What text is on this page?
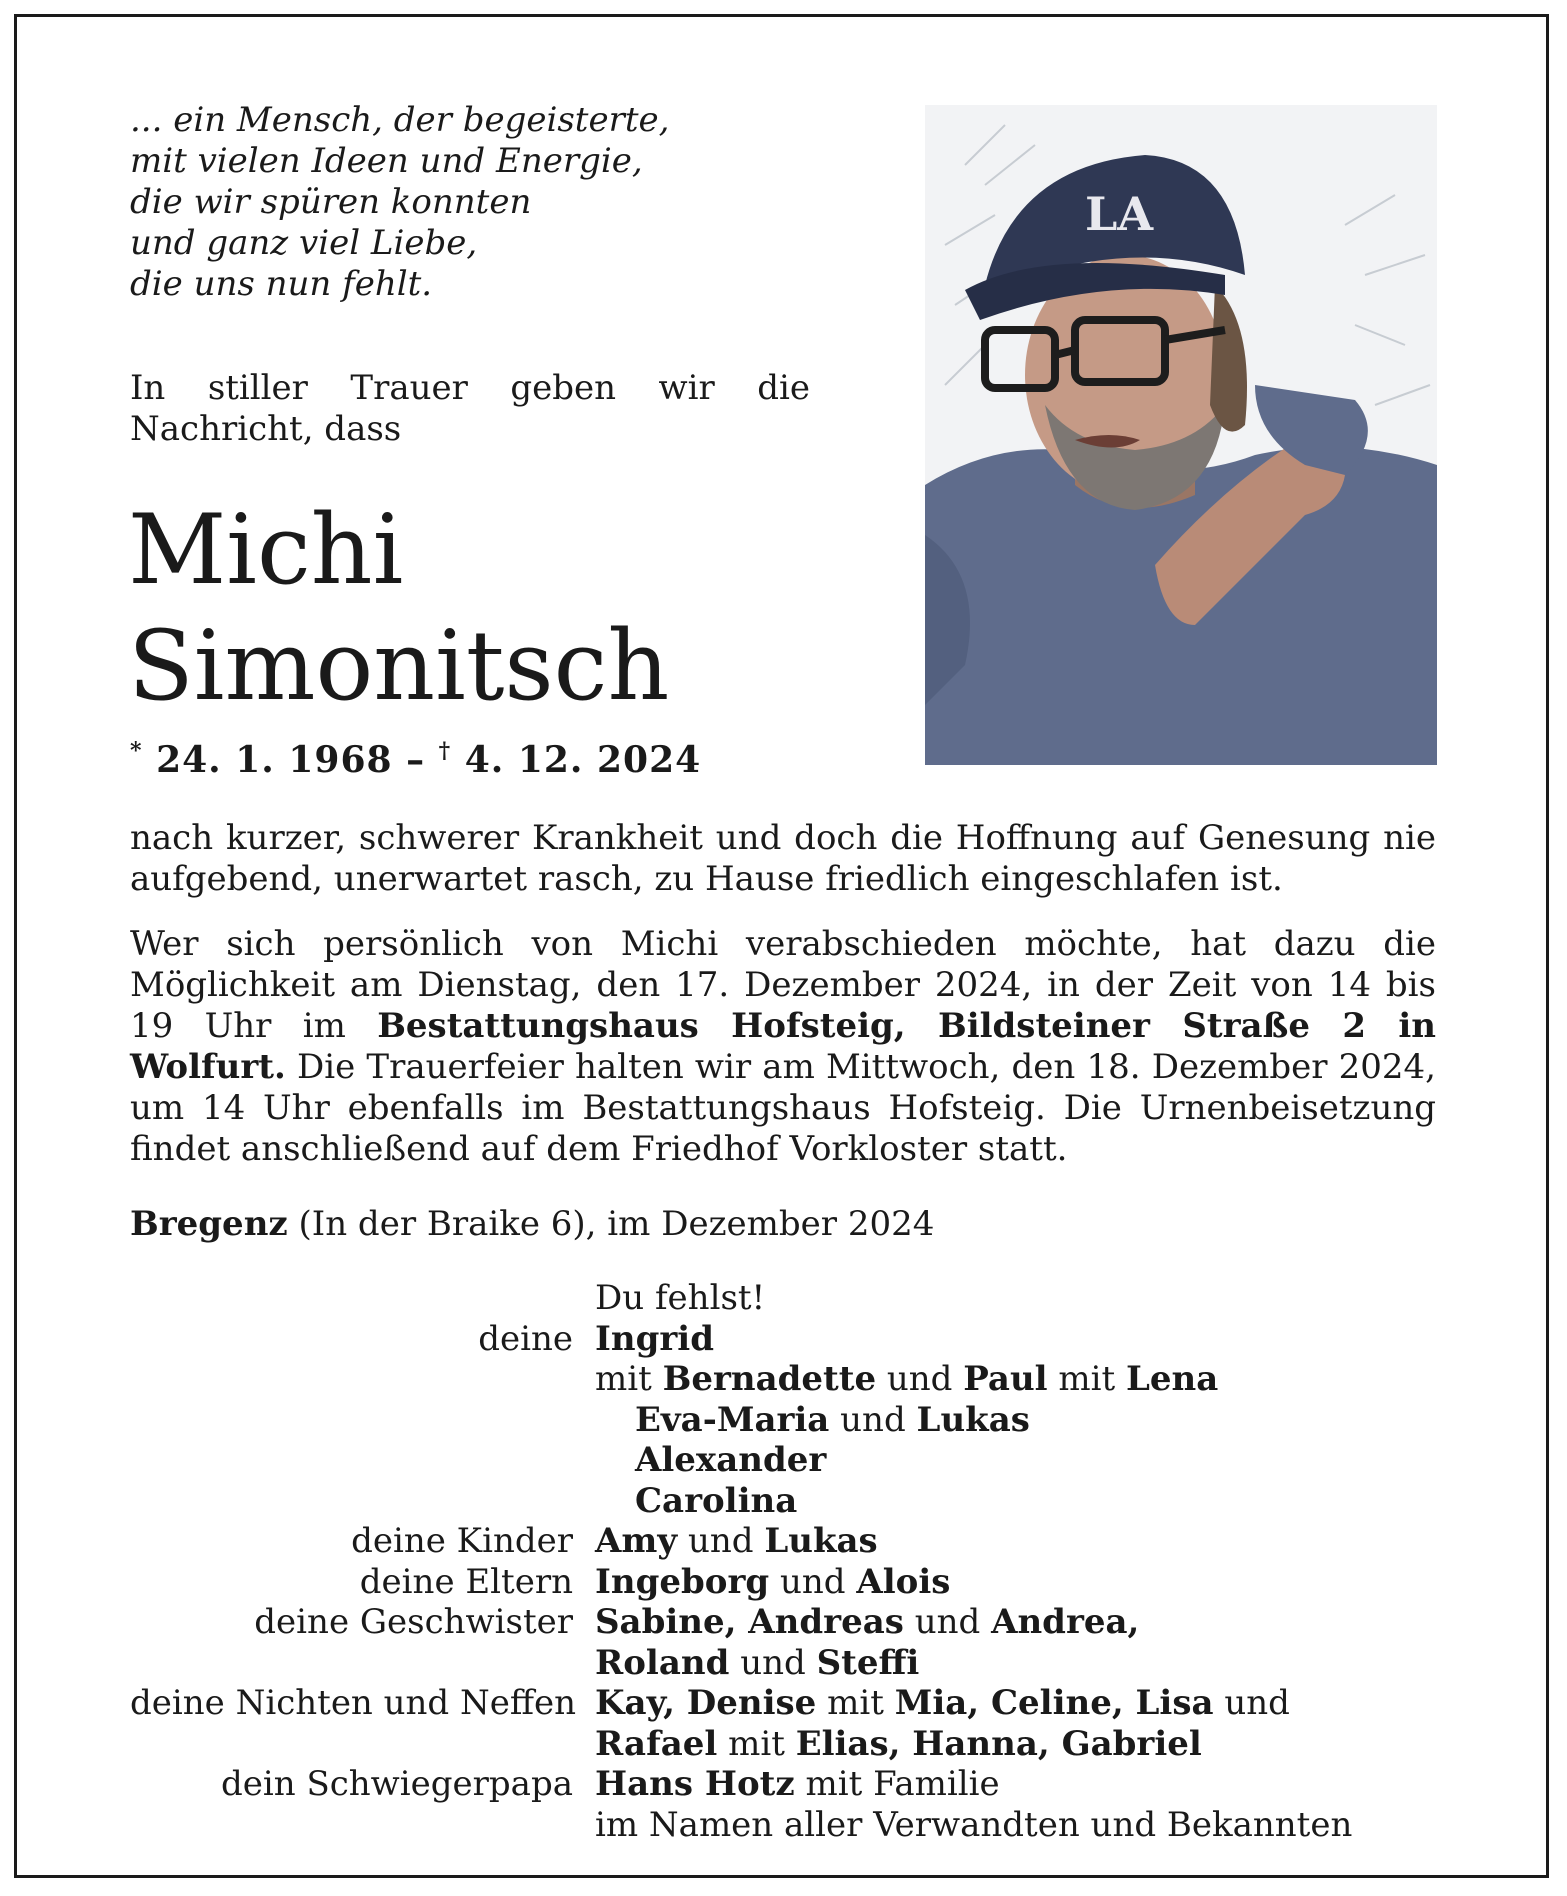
... ein Mensch, der begeisterte,
mit vielen Ideen und Energie,
die wir spüren konnten
und ganz viel Liebe,
die uns nun fehlt.
In stiller Trauer geben wir die Nachricht, dass
Michi
Simonitsch
* 24. 1. 1968 – † 4. 12. 2024
LA
nach kurzer, schwerer Krankheit und doch die Hoffnung auf Genesung nie aufgebend, unerwartet rasch, zu Hause friedlich eingeschlafen ist.
Wer sich persönlich von Michi verabschieden möchte, hat dazu die Möglichkeit am Dienstag, den 17. Dezember 2024, in der Zeit von 14 bis 19 Uhr im Bestattungshaus Hofsteig, Bildsteiner Straße 2 in Wolfurt. Die Trauerfeier halten wir am Mittwoch, den 18. Dezember 2024, um 14 Uhr ebenfalls im Bestattungshaus Hofsteig. Die Urnenbeisetzung findet anschließend auf dem Friedhof Vorkloster statt.
Bregenz (In der Braike 6), im Dezember 2024
Du fehlst!
deine Ingrid
mit Bernadette und Paul mit Lena
Eva-Maria und Lukas
Alexander
Carolina
deine Kinder Amy und Lukas
deine Eltern Ingeborg und Alois
deine Geschwister Sabine, Andreas und Andrea,
Roland und Steffi
deine Nichten und Neffen Kay, Denise mit Mia, Celine, Lisa und
Rafael mit Elias, Hanna, Gabriel
dein Schwiegerpapa Hans Hotz mit Familie
im Namen aller Verwandten und Bekannten
